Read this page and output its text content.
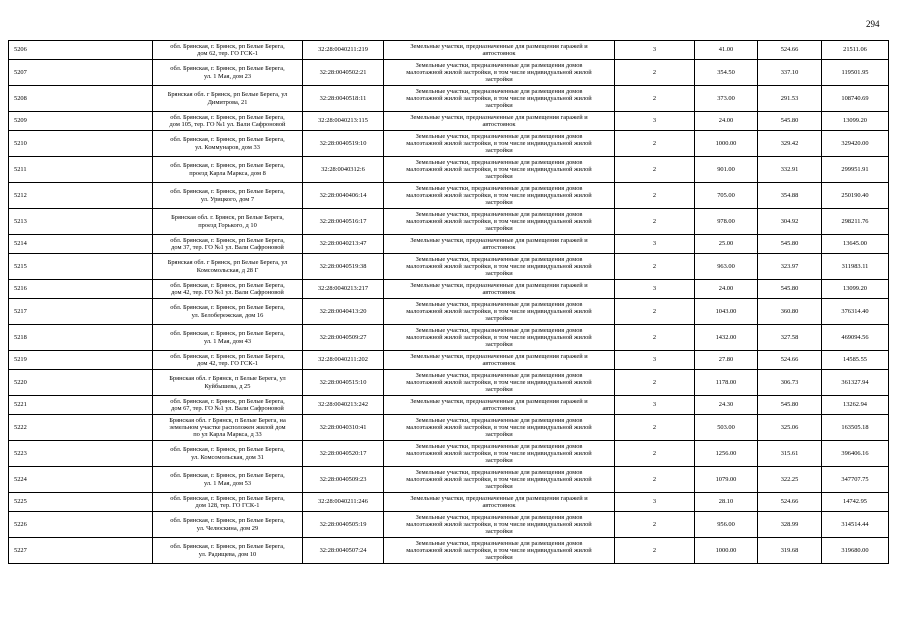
294
5206	обл. Брянская, г. Брянск, рп Белые Берега,
дом 62, тер. ГО ГСК-1	32:28:0040211:219	Земельные участки, предназначенные для размещения гаражей и
автостоянок	3	41.00	524.66	21511.06
5207	обл. Брянская, г. Брянск, рп Белые Берега,
ул. 1 Мая, дом 23	32:28:0040502:21	Земельные участки, предназначенные для размещения домов
малоэтажной жилой застройки, в том числе индивидуальной жилой
застройки	2	354.50	337.10	119501.95
5208	Брянская обл. г Брянск, рп Белые Берега, ул
Димитрова, 21	32:28:0040518:11	Земельные участки, предназначенные для размещения домов
малоэтажной жилой застройки, в том числе индивидуальной жилой
застройки	2	373.00	291.53	108740.69
5209	обл. Брянская, г. Брянск, рп Белые Берега,
дом 105, тер. ГО №1 ул. Вали Сафроновой	32:28:0040213:115	Земельные участки, предназначенные для размещения гаражей и
автостоянок	3	24.00	545.80	13099.20
5210	обл. Брянская, г. Брянск, рп Белые Берега,
ул. Коммунаров, дом 33	32:28:0040519:10	Земельные участки, предназначенные для размещения домов
малоэтажной жилой застройки, в том числе индивидуальной жилой
застройки	2	1000.00	329.42	329420.00
5211	обл. Брянская, г. Брянск, рп Белые Берега,
проезд Карла Маркса, дом 8	32:28:0040312:6	Земельные участки, предназначенные для размещения домов
малоэтажной жилой застройки, в том числе индивидуальной жилой
застройки	2	901.00	332.91	299951.91
5212	обл. Брянская, г. Брянск, рп Белые Берега,
ул. Урицкого, дом 7	32:28:0040406:14	Земельные участки, предназначенные для размещения домов
малоэтажной жилой застройки, в том числе индивидуальной жилой
застройки	2	705.00	354.88	250190.40
5213	Брянская обл. г. Брянск, рп Белые Берега,
проезд Горького, д 10	32:28:0040516:17	Земельные участки, предназначенные для размещения домов
малоэтажной жилой застройки, в том числе индивидуальной жилой
застройки	2	978.00	304.92	298211.76
5214	обл. Брянская, г. Брянск, рп Белые Берега,
дом 37, тер. ГО №1 ул. Вали Сафроновой	32:28:0040213:47	Земельные участки, предназначенные для размещения гаражей и
автостоянок	3	25.00	545.80	13645.00
5215	Брянская обл. г Брянск, рп Белые Берега, ул
Комсомольская, д 28 Г	32:28:0040519:38	Земельные участки, предназначенные для размещения домов
малоэтажной жилой застройки, в том числе индивидуальной жилой
застройки	2	963.00	323.97	311983.11
5216	обл. Брянская, г. Брянск, рп Белые Берега,
дом 42, тер. ГО №1 ул. Вали Сафроновой	32:28:0040213:217	Земельные участки, предназначенные для размещения гаражей и
автостоянок	3	24.00	545.80	13099.20
5217	обл. Брянская, г. Брянск, рп Белые Берега,
ул. Белобережская, дом 16	32:28:0040413:20	Земельные участки, предназначенные для размещения домов
малоэтажной жилой застройки, в том числе индивидуальной жилой
застройки	2	1043.00	360.80	376314.40
5218	обл. Брянская, г. Брянск, рп Белые Берега,
ул. 1 Мая, дом 43	32:28:0040509:27	Земельные участки, предназначенные для размещения домов
малоэтажной жилой застройки, в том числе индивидуальной жилой
застройки	2	1432.00	327.58	469094.56
5219	обл. Брянская, г. Брянск, рп Белые Берега,
дом 42, тер. ГО ГСК-1	32:28:0040211:202	Земельные участки, предназначенные для размещения гаражей и
автостоянок	3	27.80	524.66	14585.55
5220	Брянская обл. г Брянск, п Белые Берега, ул
Куйбышева, д 25	32:28:0040515:10	Земельные участки, предназначенные для размещения домов
малоэтажной жилой застройки, в том числе индивидуальной жилой
застройки	2	1178.00	306.73	361327.94
5221	обл. Брянская, г. Брянск, рп Белые Берега,
дом 67, тер. ГО №1 ул. Вали Сафроновой	32:28:0040213:242	Земельные участки, предназначенные для размещения гаражей и
автостоянок	3	24.30	545.80	13262.94
5222	Брянская обл. г Брянск, п Белые Берега, на
земельном участке расположен жилой дом
по ул Карла Маркса, д 33	32:28:0040310:41	Земельные участки, предназначенные для размещения домов
малоэтажной жилой застройки, в том числе индивидуальной жилой
застройки	2	503.00	325.06	163505.18
5223	обл. Брянская, г. Брянск, рп Белые Берега,
ул. Комсомольская, дом 31	32:28:0040520:17	Земельные участки, предназначенные для размещения домов
малоэтажной жилой застройки, в том числе индивидуальной жилой
застройки	2	1256.00	315.61	396406.16
5224	обл. Брянская, г. Брянск, рп Белые Берега,
ул. 1 Мая, дом 53	32:28:0040509:23	Земельные участки, предназначенные для размещения домов
малоэтажной жилой застройки, в том числе индивидуальной жилой
застройки	2	1079.00	322.25	347707.75
5225	обл. Брянская, г. Брянск, рп Белые Берега,
дом 128, тер. ГО ГСК-1	32:28:0040211:246	Земельные участки, предназначенные для размещения гаражей и
автостоянок	3	28.10	524.66	14742.95
5226	обл. Брянская, г. Брянск, рп Белые Берега,
ул. Челюскина, дом 29	32:28:0040505:19	Земельные участки, предназначенные для размещения домов
малоэтажной жилой застройки, в том числе индивидуальной жилой
застройки	2	956.00	328.99	314514.44
5227	обл. Брянская, г. Брянск, рп Белые Берега,
ул. Радищева, дом 10	32:28:0040507:24	Земельные участки, предназначенные для размещения домов
малоэтажной жилой застройки, в том числе индивидуальной жилой
застройки	2	1000.00	319.68	319680.00
